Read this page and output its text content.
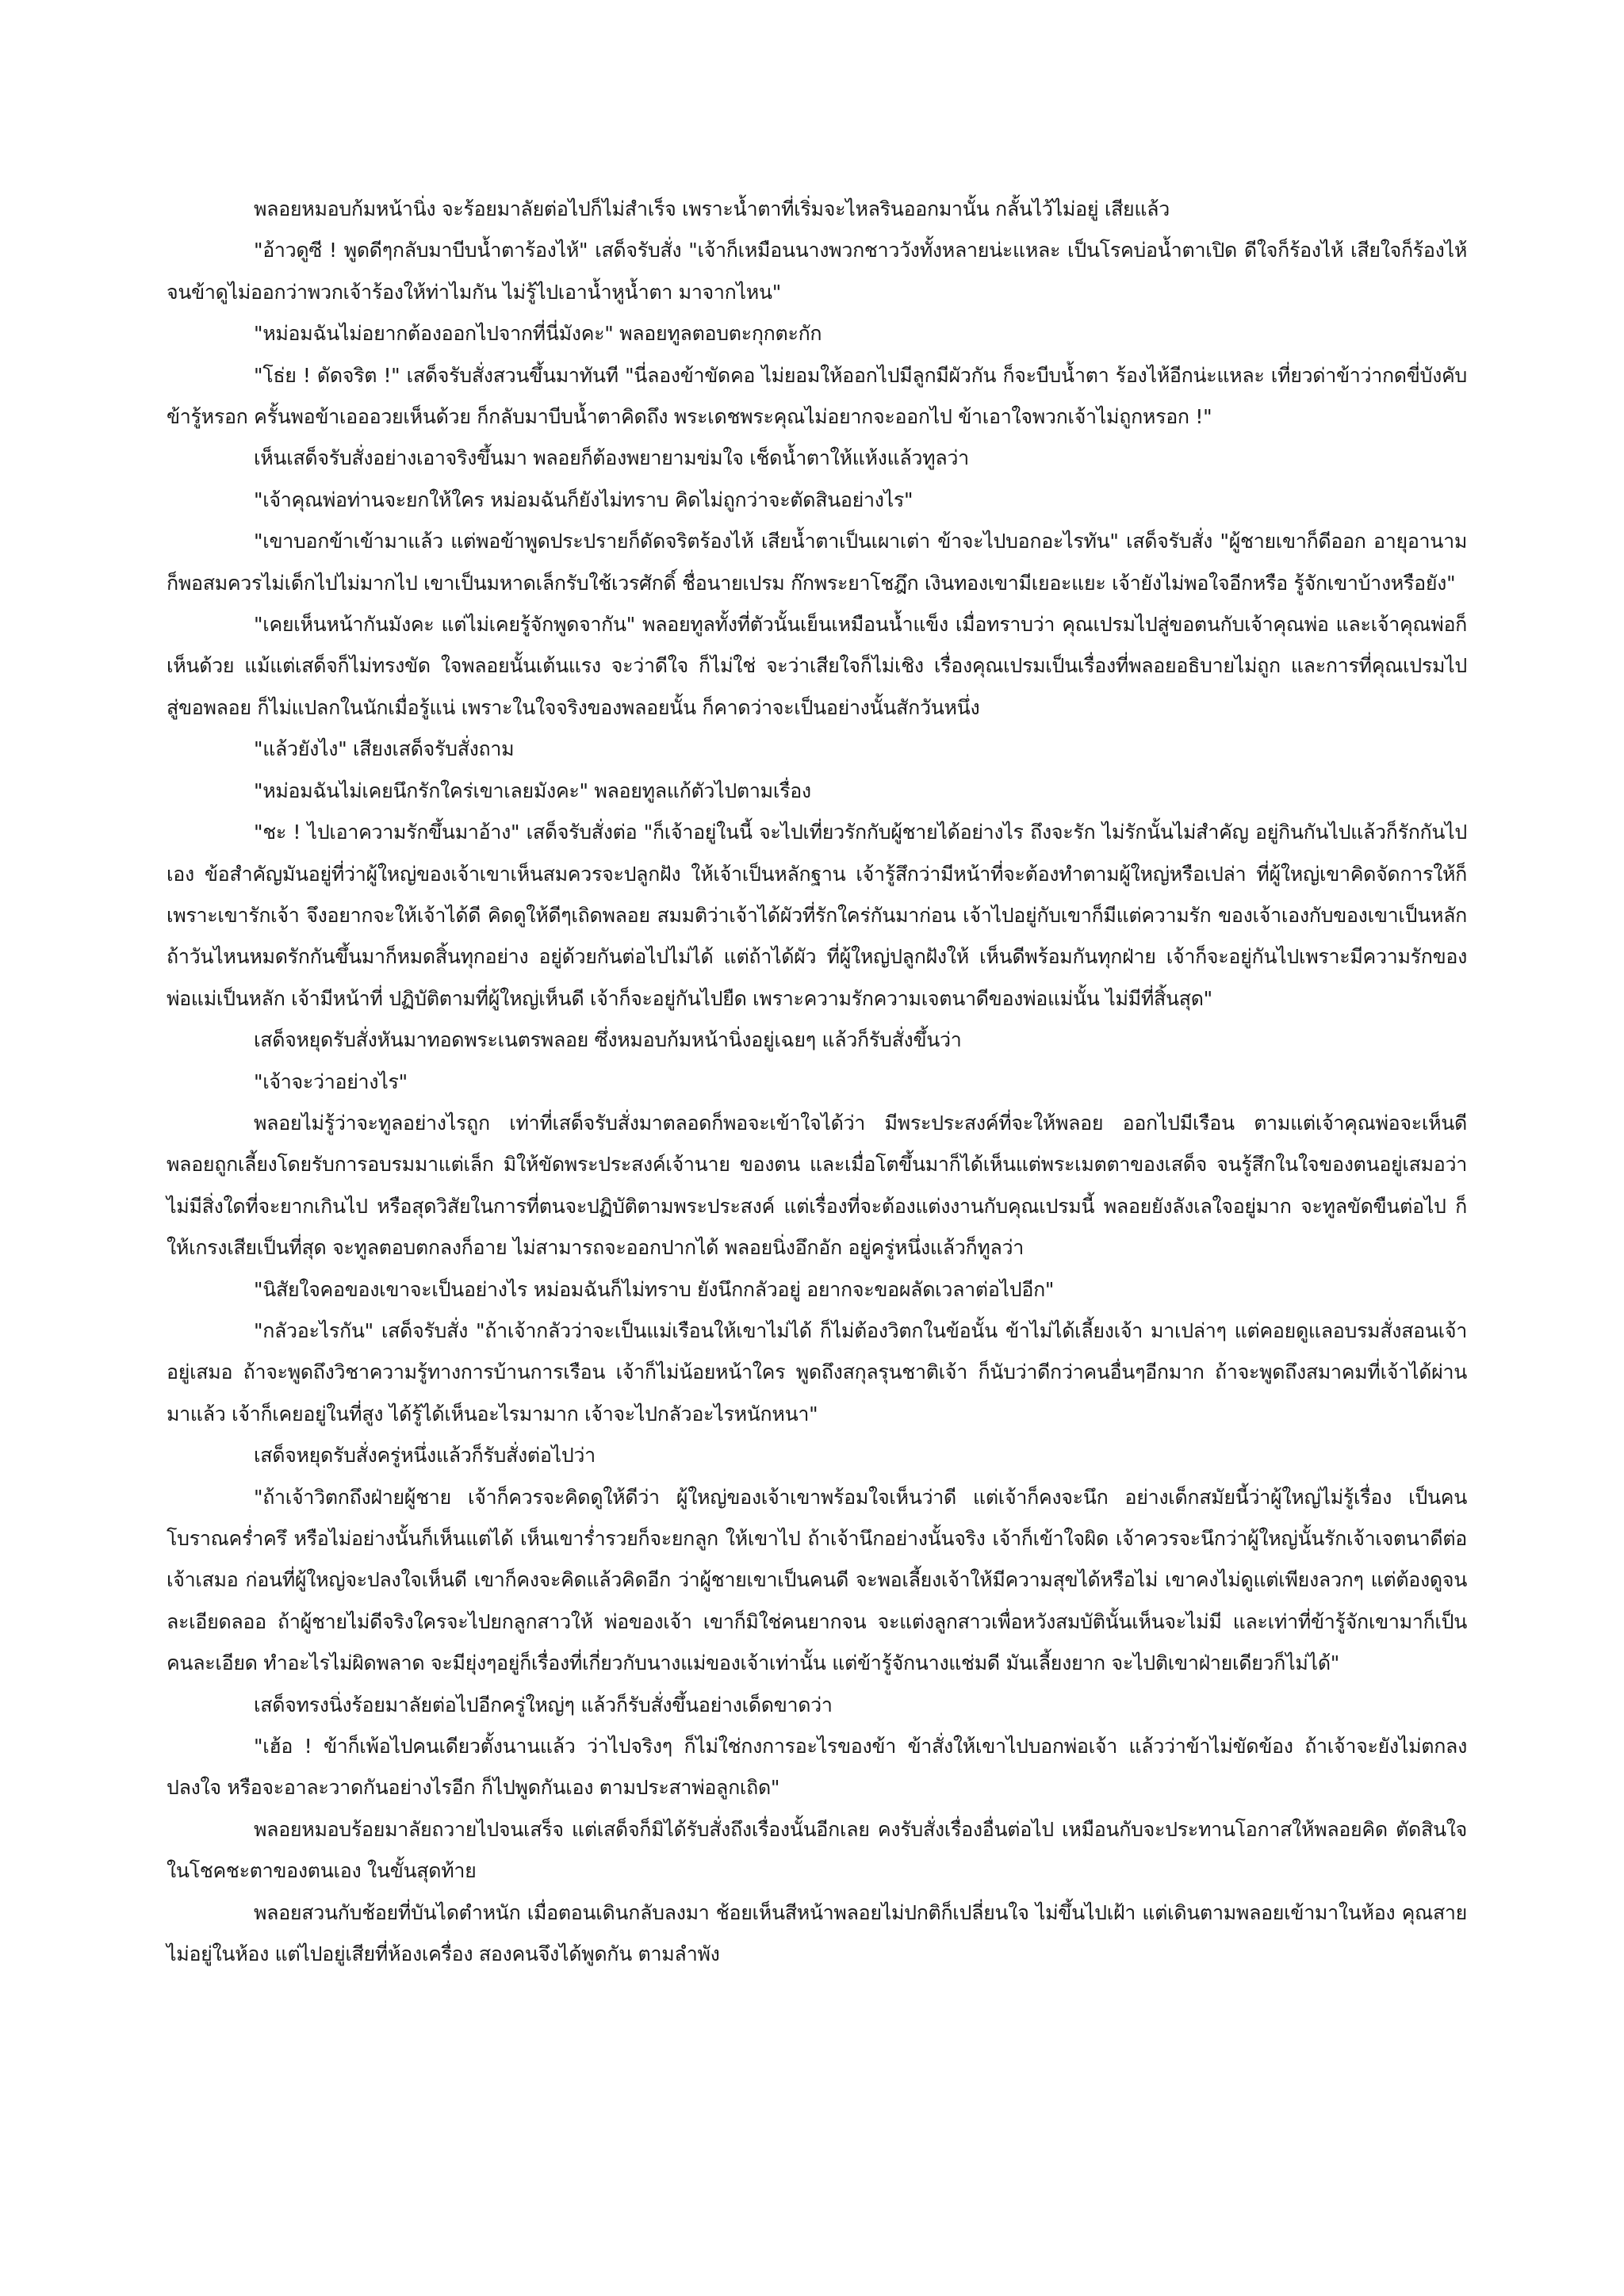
พลอยหมอบก้มหน้านิ่ง จะร้อยมาลัยต่อไปก็ไม่สำเร็จ เพราะน้ำตาที่เริ่มจะไหลรินออกมานั้น กลั้นไว้ไม่อยู่ เสียแล้ว

"อ้าวดูซี ! พูดดีๆกลับมาบีบน้ำตาร้องไห้" เสด็จรับสั่ง "เจ้าก็เหมือนนางพวกชาววังทั้งหลายน่ะแหละ เป็นโรคบ่อน้ำตาเปิด ดีใจก็ร้องไห้ เสียใจก็ร้องไห้ จนข้าดูไม่ออกว่าพวกเจ้าร้องให้ท่าไมกัน ไม่รู้ไปเอาน้ำหูน้ำตา มาจากไหน"

"หม่อมฉันไม่อยากต้องออกไปจากที่นี่มังคะ" พลอยทูลตอบตะกุกตะกัก

"โธ่ย ! ดัดจริต !" เสด็จรับสั่งสวนขึ้นมาทันที "นี่ลองข้าขัดคอ ไม่ยอมให้ออกไปมีลูกมีผัวกัน ก็จะบีบน้ำตา ร้องไห้อีกน่ะแหละ เที่ยวด่าข้าว่ากดขี่บังคับข้ารู้หรอก ครั้นพอข้าเอออวยเห็นด้วย ก็กลับมาบีบน้ำตาคิดถึง พระเดชพระคุณไม่อยากจะออกไป ข้าเอาใจพวกเจ้าไม่ถูกหรอก !"

เห็นเสด็จรับสั่งอย่างเอาจริงขึ้นมา พลอยก็ต้องพยายามข่มใจ เช็ดน้ำตาให้แห้งแล้วทูลว่า

"เจ้าคุณพ่อท่านจะยกให้ใคร หม่อมฉันก็ยังไม่ทราบ คิดไม่ถูกว่าจะตัดสินอย่างไร"

"เขาบอกข้าเข้ามาแล้ว แต่พอข้าพูดประปรายก็ดัดจริตร้องไห้ เสียน้ำตาเป็นเผาเต่า ข้าจะไปบอกอะไรทัน" เสด็จรับสั่ง "ผู้ชายเขาก็ดีออก อายุอานามก็พอสมควรไม่เด็กไปไม่มากไป เขาเป็นมหาดเล็กรับใช้เวรศักดิ์ ชื่อนายเปรม ก๊กพระยาโชฎึก เงินทองเขามีเยอะแยะ เจ้ายังไม่พอใจอีกหรือ รู้จักเขาบ้างหรือยัง"

"เคยเห็นหน้ากันมังคะ แต่ไม่เคยรู้จักพูดจากัน" พลอยทูลทั้งที่ตัวนั้นเย็นเหมือนน้ำแข็ง เมื่อทราบว่า คุณเปรมไปสู่ขอตนกับเจ้าคุณพ่อ และเจ้าคุณพ่อก็เห็นด้วย แม้แต่เสด็จก็ไม่ทรงขัด ใจพลอยนั้นเต้นแรง จะว่าดีใจ ก็ไม่ใช่ จะว่าเสียใจก็ไม่เชิง เรื่องคุณเปรมเป็นเรื่องที่พลอยอธิบายไม่ถูก และการที่คุณเปรมไปสู่ขอพลอย ก็ไม่แปลกในนักเมื่อรู้แน่ เพราะในใจจริงของพลอยนั้น ก็คาดว่าจะเป็นอย่างนั้นสักวันหนึ่ง

"แล้วยังไง" เสียงเสด็จรับสั่งถาม

"หม่อมฉันไม่เคยนึกรักใคร่เขาเลยมังคะ" พลอยทูลแก้ตัวไปตามเรื่อง

"ชะ ! ไปเอาความรักขึ้นมาอ้าง" เสด็จรับสั่งต่อ "ก็เจ้าอยู่ในนี้ จะไปเที่ยวรักกับผู้ชายได้อย่างไร ถึงจะรัก ไม่รักนั้นไม่สำคัญ อยู่กินกันไปแล้วก็รักกันไปเอง ข้อสำคัญมันอยู่ที่ว่าผู้ใหญ่ของเจ้าเขาเห็นสมควรจะปลูกฝัง ให้เจ้าเป็นหลักฐาน เจ้ารู้สึกว่ามีหน้าที่จะต้องทำตามผู้ใหญ่หรือเปล่า ที่ผู้ใหญ่เขาคิดจัดการให้ก็เพราะเขารักเจ้า จึงอยากจะให้เจ้าได้ดี คิดดูให้ดีๆเถิดพลอย สมมติว่าเจ้าได้ผัวที่รักใคร่กันมาก่อน เจ้าไปอยู่กับเขาก็มีแต่ความรัก ของเจ้าเองกับของเขาเป็นหลัก ถ้าวันไหนหมดรักกันขึ้นมาก็หมดสิ้นทุกอย่าง อยู่ด้วยกันต่อไปไม่ได้ แต่ถ้าได้ผัว ที่ผู้ใหญ่ปลูกฝังให้ เห็นดีพร้อมกันทุกฝ่าย เจ้าก็จะอยู่กันไปเพราะมีความรักของพ่อแม่เป็นหลัก เจ้ามีหน้าที่ ปฏิบัติตามที่ผู้ใหญ่เห็นดี เจ้าก็จะอยู่กันไปยืด เพราะความรักความเจตนาดีของพ่อแม่นั้น ไม่มีที่สิ้นสุด"

เสด็จหยุดรับสั่งหันมาทอดพระเนตรพลอย ซึ่งหมอบก้มหน้านิ่งอยู่เฉยๆ แล้วก็รับสั่งขึ้นว่า

"เจ้าจะว่าอย่างไร"

พลอยไม่รู้ว่าจะทูลอย่างไรถูก เท่าที่เสด็จรับสั่งมาตลอดก็พอจะเข้าใจได้ว่า มีพระประสงค์ที่จะให้พลอย ออกไปมีเรือน ตามแต่เจ้าคุณพ่อจะเห็นดี พลอยถูกเลี้ยงโดยรับการอบรมมาแต่เล็ก มิให้ขัดพระประสงค์เจ้านาย ของตน และเมื่อโตขึ้นมาก็ได้เห็นแต่พระเมตตาของเสด็จ จนรู้สึกในใจของตนอยู่เสมอว่า ไม่มีสิ่งใดที่จะยากเกินไป หรือสุดวิสัยในการที่ตนจะปฏิบัติตามพระประสงค์ แต่เรื่องที่จะต้องแต่งงานกับคุณเปรมนี้ พลอยยังลังเลใจอยู่มาก จะทูลขัดขืนต่อไป ก็ให้เกรงเสียเป็นที่สุด จะทูลตอบตกลงก็อาย ไม่สามารถจะออกปากได้ พลอยนิ่งอึกอัก อยู่ครู่หนึ่งแล้วก็ทูลว่า

"นิสัยใจคอของเขาจะเป็นอย่างไร หม่อมฉันก็ไม่ทราบ ยังนึกกลัวอยู่ อยากจะขอผลัดเวลาต่อไปอีก"

"กลัวอะไรกัน" เสด็จรับสั่ง "ถ้าเจ้ากลัวว่าจะเป็นแม่เรือนให้เขาไม่ได้ ก็ไม่ต้องวิตกในข้อนั้น ข้าไม่ได้เลี้ยงเจ้า มาเปล่าๆ แต่คอยดูแลอบรมสั่งสอนเจ้าอยู่เสมอ ถ้าจะพูดถึงวิชาความรู้ทางการบ้านการเรือน เจ้าก็ไม่น้อยหน้าใคร พูดถึงสกุลรุนชาติเจ้า ก็นับว่าดีกว่าคนอื่นๆอีกมาก ถ้าจะพูดถึงสมาคมที่เจ้าได้ผ่านมาแล้ว เจ้าก็เคยอยู่ในที่สูง ได้รู้ได้เห็นอะไรมามาก เจ้าจะไปกลัวอะไรหนักหนา"

เสด็จหยุดรับสั่งครู่หนึ่งแล้วก็รับสั่งต่อไปว่า

"ถ้าเจ้าวิตกถึงฝ่ายผู้ชาย เจ้าก็ควรจะคิดดูให้ดีว่า ผู้ใหญ่ของเจ้าเขาพร้อมใจเห็นว่าดี แต่เจ้าก็คงจะนึก อย่างเด็กสมัยนี้ว่าผู้ใหญ่ไม่รู้เรื่อง เป็นคนโบราณคร่ำครึ หรือไม่อย่างนั้นก็เห็นแต่ได้ เห็นเขาร่ำรวยก็จะยกลูก ให้เขาไป ถ้าเจ้านึกอย่างนั้นจริง เจ้าก็เข้าใจผิด เจ้าควรจะนึกว่าผู้ใหญ่นั้นรักเจ้าเจตนาดีต่อเจ้าเสมอ ก่อนที่ผู้ใหญ่จะปลงใจเห็นดี เขาก็คงจะคิดแล้วคิดอีก ว่าผู้ชายเขาเป็นคนดี จะพอเลี้ยงเจ้าให้มีความสุขได้หรือไม่ เขาคงไม่ดูแต่เพียงลวกๆ แต่ต้องดูจนละเอียดลออ ถ้าผู้ชายไม่ดีจริงใครจะไปยกลูกสาวให้ พ่อของเจ้า เขาก็มิใช่คนยากจน จะแต่งลูกสาวเพื่อหวังสมบัตินั้นเห็นจะไม่มี และเท่าที่ข้ารู้จักเขามาก็เป็นคนละเอียด ทำอะไรไม่ผิดพลาด จะมียุ่งๆอยู่ก็เรื่องที่เกี่ยวกับนางแม่ของเจ้าเท่านั้น แต่ข้ารู้จักนางแช่มดี มันเลี้ยงยาก จะไปติเขาฝ่ายเดียวก็ไม่ได้"

เสด็จทรงนิ่งร้อยมาลัยต่อไปอีกครู่ใหญ่ๆ แล้วก็รับสั่งขึ้นอย่างเด็ดขาดว่า

"เฮ้อ ! ข้าก็เพ้อไปคนเดียวตั้งนานแล้ว ว่าไปจริงๆ ก็ไม่ใช่กงการอะไรของข้า ข้าสั่งให้เขาไปบอกพ่อเจ้า แล้วว่าข้าไม่ขัดข้อง ถ้าเจ้าจะยังไม่ตกลงปลงใจ หรือจะอาละวาดกันอย่างไรอีก ก็ไปพูดกันเอง ตามประสาพ่อลูกเถิด"

พลอยหมอบร้อยมาลัยถวายไปจนเสร็จ แต่เสด็จก็มิได้รับสั่งถึงเรื่องนั้นอีกเลย คงรับสั่งเรื่องอื่นต่อไป เหมือนกับจะประทานโอกาสให้พลอยคิด ตัดสินใจในโชคชะตาของตนเอง ในขั้นสุดท้าย

พลอยสวนกับช้อยที่บันไดตำหนัก เมื่อตอนเดินกลับลงมา ช้อยเห็นสีหน้าพลอยไม่ปกติก็เปลี่ยนใจ ไม่ขึ้นไปเฝ้า แต่เดินตามพลอยเข้ามาในห้อง คุณสายไม่อยู่ในห้อง แต่ไปอยู่เสียที่ห้องเครื่อง สองคนจึงได้พูดกัน ตามลำพัง
